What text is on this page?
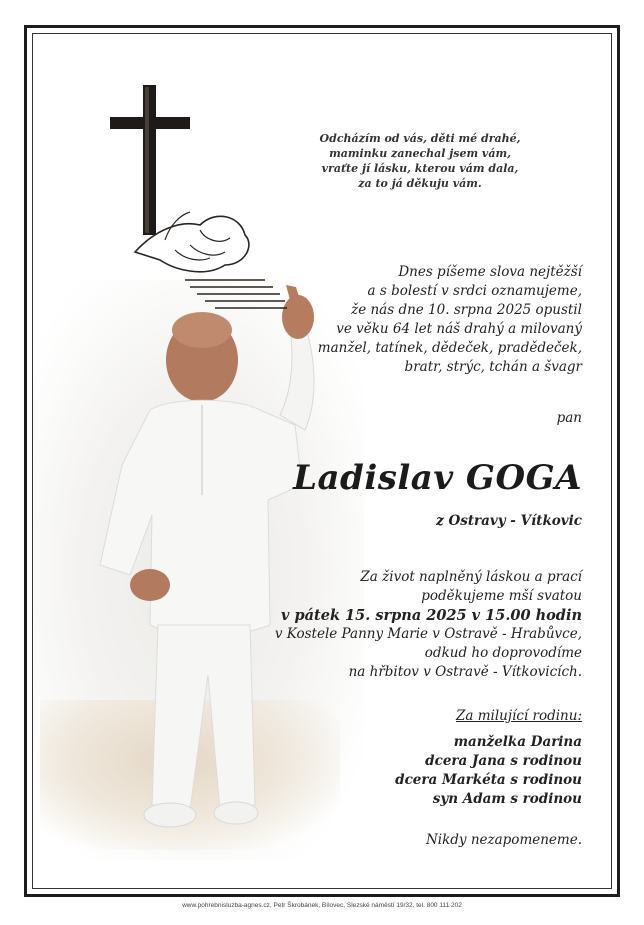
Odcházím od vás, děti mé drahé,
maminku zanechal jsem vám,
vraťte jí lásku, kterou vám dala,
za to já děkuju vám.
Dnes píšeme slova nejtěžší
a s bolestí v srdci oznamujeme,
že nás dne 10. srpna 2025 opustil
ve věku 64 let náš drahý a milovaný
manžel, tatínek, dědeček, pradědeček,
bratr, strýc, tchán a švagr
pan
Ladislav GOGA
z Ostravy - Vítkovic
Za život naplněný láskou a prací
poděkujeme mší svatou
v pátek 15. srpna 2025 v 15.00 hodin
v Kostele Panny Marie v Ostravě - Hrabůvce,
odkud ho doprovodíme
na hřbitov v Ostravě - Vítkovicích.
Za milující rodinu:
manželka Darina
dcera Jana s rodinou
dcera Markéta s rodinou
syn Adam s rodinou
Nikdy nezapomeneme.
www.pohrebnisluzba-agnes.cz, Petr Škrobánek, Bílovec, Slezské náměstí 19/32, tel. 800 111 202
